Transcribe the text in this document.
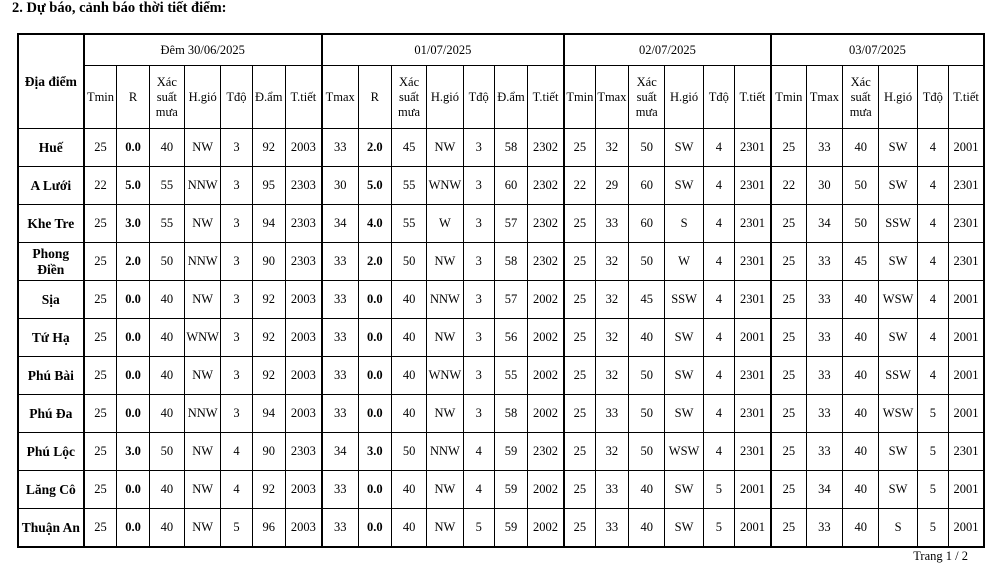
2. Dự báo, cảnh báo thời tiết điểm:
Địa điểm	Đêm 30/06/2025							01/07/2025							02/07/2025						03/07/2025					
	Tmin	R	Xác suất mưa	H.gió	Tđộ	Đ.ẩm	T.tiết	Tmax	R	Xác suất mưa	H.gió	Tđộ	Đ.ẩm	T.tiết	Tmin	Tmax	Xác suất mưa	H.gió	Tđộ	T.tiết	Tmin	Tmax	Xác suất mưa	H.gió	Tđộ	T.tiết
Huế	25	0.0	40	NW	3	92	2003	33	2.0	45	NW	3	58	2302	25	32	50	SW	4	2301	25	33	40	SW	4	2001
A Lưới	22	5.0	55	NNW	3	95	2303	30	5.0	55	WNW	3	60	2302	22	29	60	SW	4	2301	22	30	50	SW	4	2301
Khe Tre	25	3.0	55	NW	3	94	2303	34	4.0	55	W	3	57	2302	25	33	60	S	4	2301	25	34	50	SSW	4	2301
Phong Điền	25	2.0	50	NNW	3	90	2303	33	2.0	50	NW	3	58	2302	25	32	50	W	4	2301	25	33	45	SW	4	2301
Sịa	25	0.0	40	NW	3	92	2003	33	0.0	40	NNW	3	57	2002	25	32	45	SSW	4	2301	25	33	40	WSW	4	2001
Tứ Hạ	25	0.0	40	WNW	3	92	2003	33	0.0	40	NW	3	56	2002	25	32	40	SW	4	2001	25	33	40	SW	4	2001
Phú Bài	25	0.0	40	NW	3	92	2003	33	0.0	40	WNW	3	55	2002	25	32	50	SW	4	2301	25	33	40	SSW	4	2001
Phú Đa	25	0.0	40	NNW	3	94	2003	33	0.0	40	NW	3	58	2002	25	33	50	SW	4	2301	25	33	40	WSW	5	2001
Phú Lộc	25	3.0	50	NW	4	90	2303	34	3.0	50	NNW	4	59	2302	25	32	50	WSW	4	2301	25	33	40	SW	5	2301
Lăng Cô	25	0.0	40	NW	4	92	2003	33	0.0	40	NW	4	59	2002	25	33	40	SW	5	2001	25	34	40	SW	5	2001
Thuận An	25	0.0	40	NW	5	96	2003	33	0.0	40	NW	5	59	2002	25	33	40	SW	5	2001	25	33	40	S	5	2001
Trang 1 / 2
